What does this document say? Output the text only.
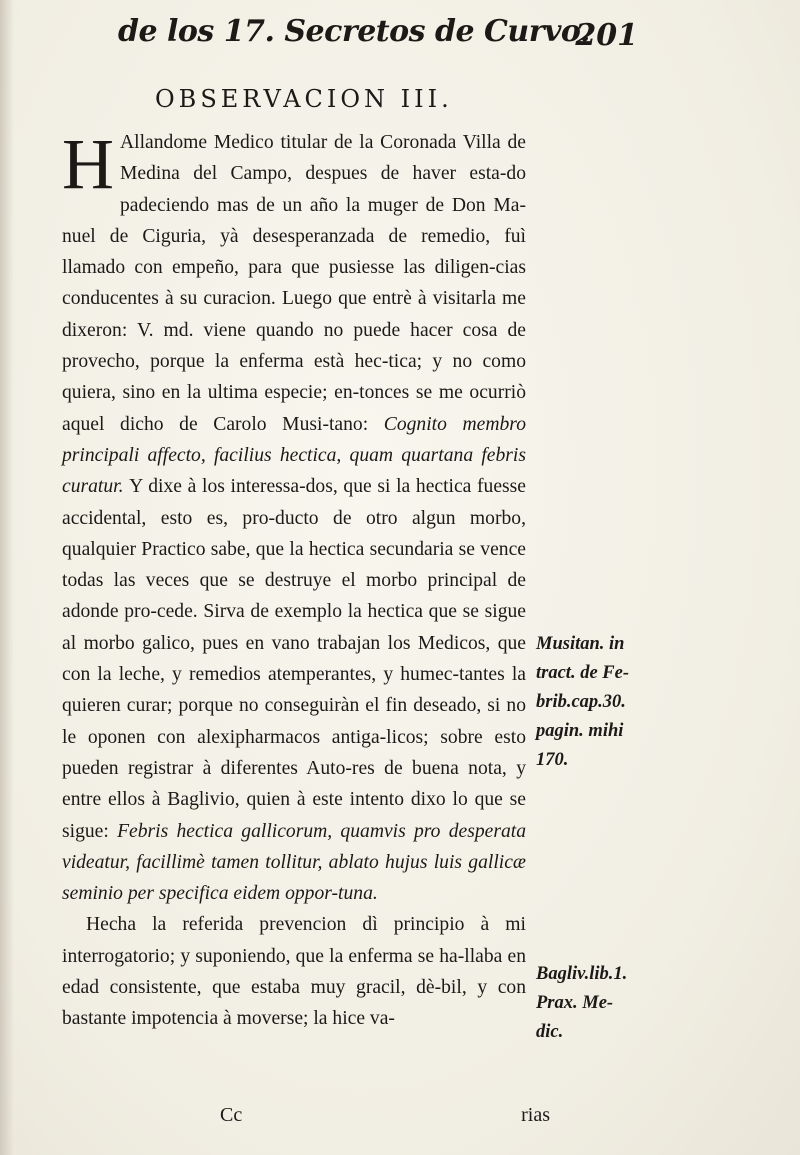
de los 17. Secretos de Curvo.
201
OBSERVACION III.

H Allandome Medico titular de la Coronada Villa de Medina del Campo, despues de haver esta-do padeciendo mas de un año la muger de Don Ma-nuel de Ciguria, yà desesperanzada de remedio, fuì llamado con empeño, para que pusiesse las diligen-cias conducentes à su curacion. Luego que entrè à visitarla me dixeron: V. md. viene quando no puede hacer cosa de provecho, porque la enferma està hec-tica; y no como quiera, sino en la ultima especie; en-tonces se me ocurriò aquel dicho de Carolo Musi-tano: Cognito membro principali affecto, facilius hectica, quam quartana febris curatur. Y dixe à los interessa-dos, que si la hectica fuesse accidental, esto es, pro-ducto de otro algun morbo, qualquier Practico sabe, que la hectica secundaria se vence todas las veces que se destruye el morbo principal de adonde pro-cede. Sirva de exemplo la hectica que se sigue al morbo galico, pues en vano trabajan los Medicos, que con la leche, y remedios atemperantes, y humec-tantes la quieren curar; porque no conseguiràn el fin deseado, si no le oponen con alexipharmacos antiga-licos; sobre esto pueden registrar à diferentes Auto-res de buena nota, y entre ellos à Baglivio, quien à este intento dixo lo que se sigue: Febris hectica gallicorum, quamvis pro desperata videatur, facillimè tamen tollitur, ablato hujus luis gallicæ seminio per specifica eidem oppor-tuna.

Hecha la referida prevencion dì principio à mi interrogatorio; y suponiendo, que la enferma se ha-llaba en edad consistente, que estaba muy gracil, dè-bil, y con bastante impotencia à moverse; la hice va-

Musitan. in
tract. de Fe-
brib.cap.30.
pagin. mihi
170.
Bagliv.lib.1.
Prax. Me-
dic.
Cc	rias
